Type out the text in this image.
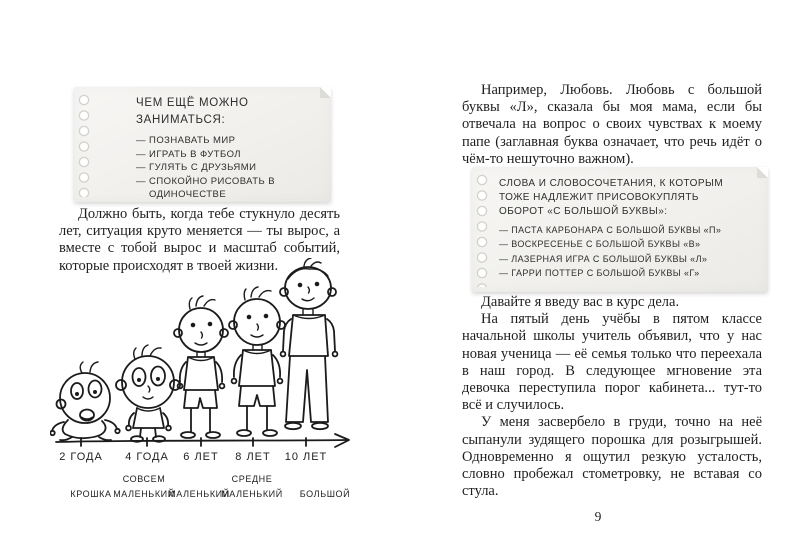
ЧЕМ ЕЩЁ МОЖНО ЗАНИМАТЬСЯ:
— ПОЗНАВАТЬ МИР
— ИГРАТЬ В ФУТБОЛ
— ГУЛЯТЬ С ДРУЗЬЯМИ
— СПОКОЙНО РИСОВАТЬ В ОДИНОЧЕСТВЕ

Должно быть, когда тебе стукнуло десять лет, ситуация круто меняется — ты вырос, а вместе с тобой вырос и масштаб событий, которые происходят в твоей жизни.

2 ГОДА 4 ГОДА 6 ЛЕТ 8 ЛЕТ 10 ЛЕТ
КРОШКА
СОВСЕМ МАЛЕНЬКИЙ
МАЛЕНЬКИЙ
СРЕДНЕ МАЛЕНЬКИЙ	БОЛЬШОЙ

Например, Любовь. Любовь с большой буквы «Л», сказала бы моя мама, если бы отвечала на вопрос о своих чувствах к моему папе (заглавная буква означает, что речь идёт о чём-то нешуточно важном).

СЛОВА И СЛОВОСОЧЕТАНИЯ, К КОТОРЫМ ТОЖЕ НАДЛЕЖИТ ПРИСОВОКУПЛЯТЬ ОБОРОТ «С БОЛЬШОЙ БУКВЫ»:
— ПАСТА КАРБОНАРА С БОЛЬШОЙ БУКВЫ «П»
— ВОСКРЕСЕНЬЕ С БОЛЬШОЙ БУКВЫ «В»
— ЛАЗЕРНАЯ ИГРА С БОЛЬШОЙ БУКВЫ «Л»
— ГАРРИ ПОТТЕР С БОЛЬШОЙ БУКВЫ «Г»

Давайте я введу вас в курс дела.

На пятый день учёбы в пятом классе начальной школы учитель объявил, что у нас новая ученица — её семья только что переехала в наш город. В следующее мгновение эта девочка переступила порог кабинета... тут-то всё и случилось.

У меня засвербело в груди, точно на неё сыпанули зудящего порошка для розыгрышей. Одновременно я ощутил резкую усталость, словно пробежал стометровку, не вставая со стула.

9
